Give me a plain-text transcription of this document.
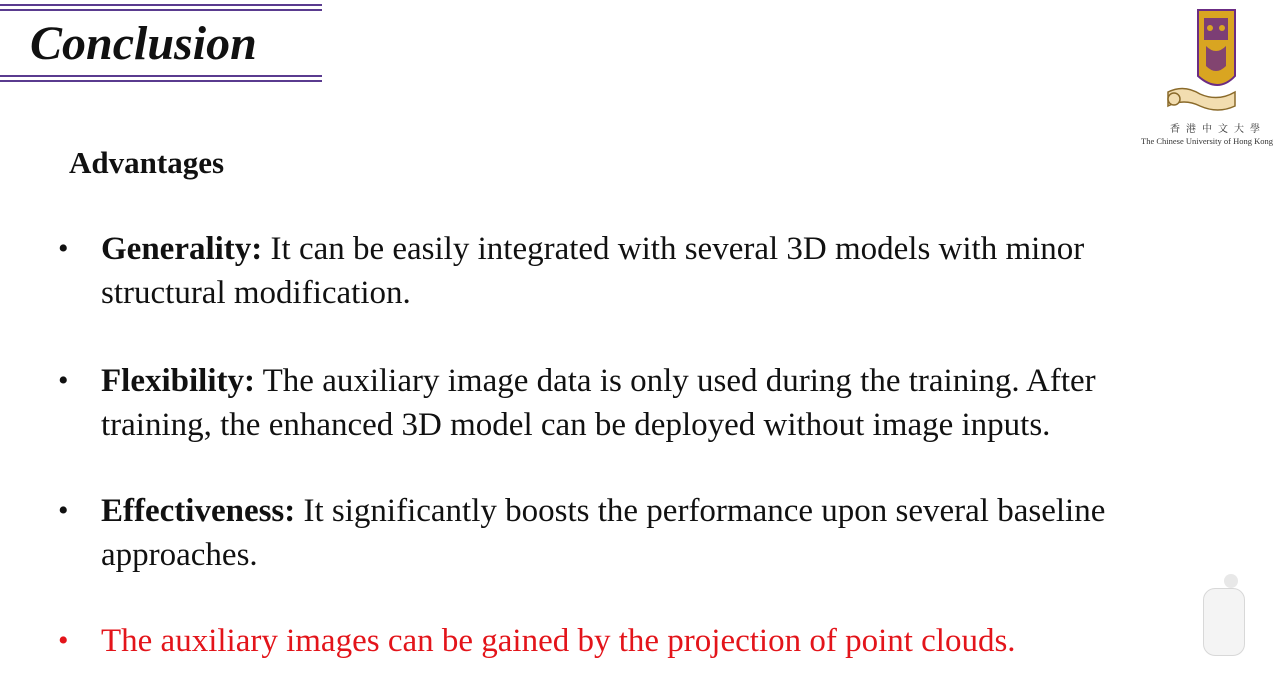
Conclusion
香港中文大學
The Chinese University of Hong Kong
Advantages
• Generality: It can be easily integrated with several 3D models with minor
structural modification.
• Flexibility: The auxiliary image data is only used during the training. After
training, the enhanced 3D model can be deployed without image inputs.
• Effectiveness: It significantly boosts the performance upon several baseline
approaches.
• The auxiliary images can be gained by the projection of point clouds.
